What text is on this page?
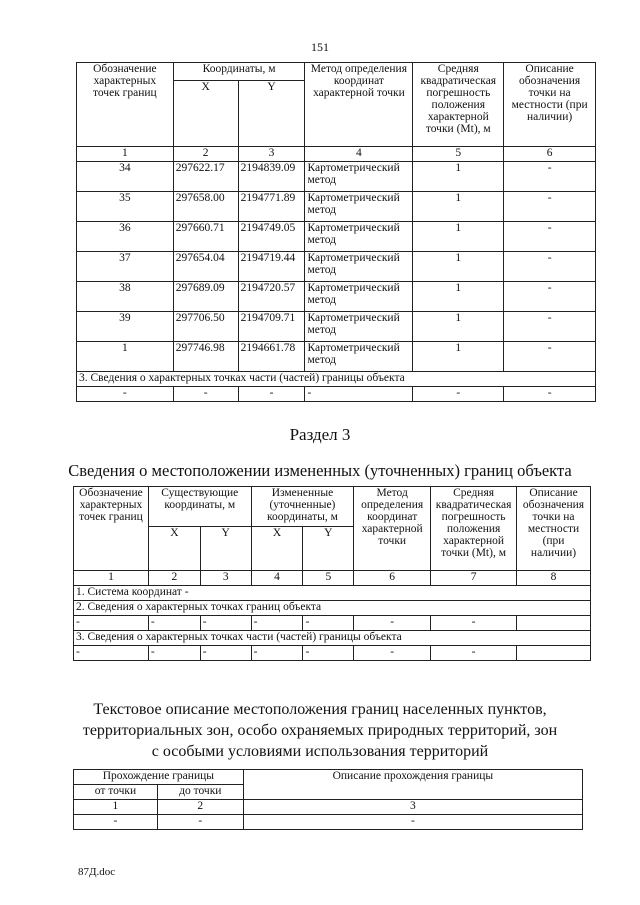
151
Обозначение характерных точек границ	Координаты, м		Метод определения координат характерной точки	Средняя квадратическая погрешность положения характерной точки (Mt), м	Описание обозначения точки на местности (при наличии)
	X	Y			
1	2	3	4	5	6
34	297622.17	2194839.09	Картометрический метод	1	-
35	297658.00	2194771.89	Картометрический метод	1	-
36	297660.71	2194749.05	Картометрический метод	1	-
37	297654.04	2194719.44	Картометрический метод	1	-
38	297689.09	2194720.57	Картометрический метод	1	-
39	297706.50	2194709.71	Картометрический метод	1	-
1	297746.98	2194661.78	Картометрический метод	1	-
3. Сведения о характерных точках части (частей) границы объекта					
-	-	-	-	-	-
Раздел 3
Сведения о местоположении измененных (уточненных) границ объекта
Обозначение характерных точек границ	Существующие координаты, м		Измененные (уточненные) координаты, м		Метод определения координат характерной точки	Средняя квадратическая погрешность положения характерной точки (Mt), м	Описание обозначения точки на местности (при наличии)
	X	Y	X	Y			
1	2	3	4	5	6	7	8
1. Система координат -							
2. Сведения о характерных точках границ объекта							
-	-	-	-	-	-	-	
3. Сведения о характерных точках части (частей) границы объекта							
-	-	-	-	-	-	-	
Текстовое описание местоположения границ населенных пунктов,
территориальных зон, особо охраняемых природных территорий, зон
с особыми условиями использования территорий
Прохождение границы		Описание прохождения границы
от точки	до точки	
1	2	3
-	-	-
87Д.doc
